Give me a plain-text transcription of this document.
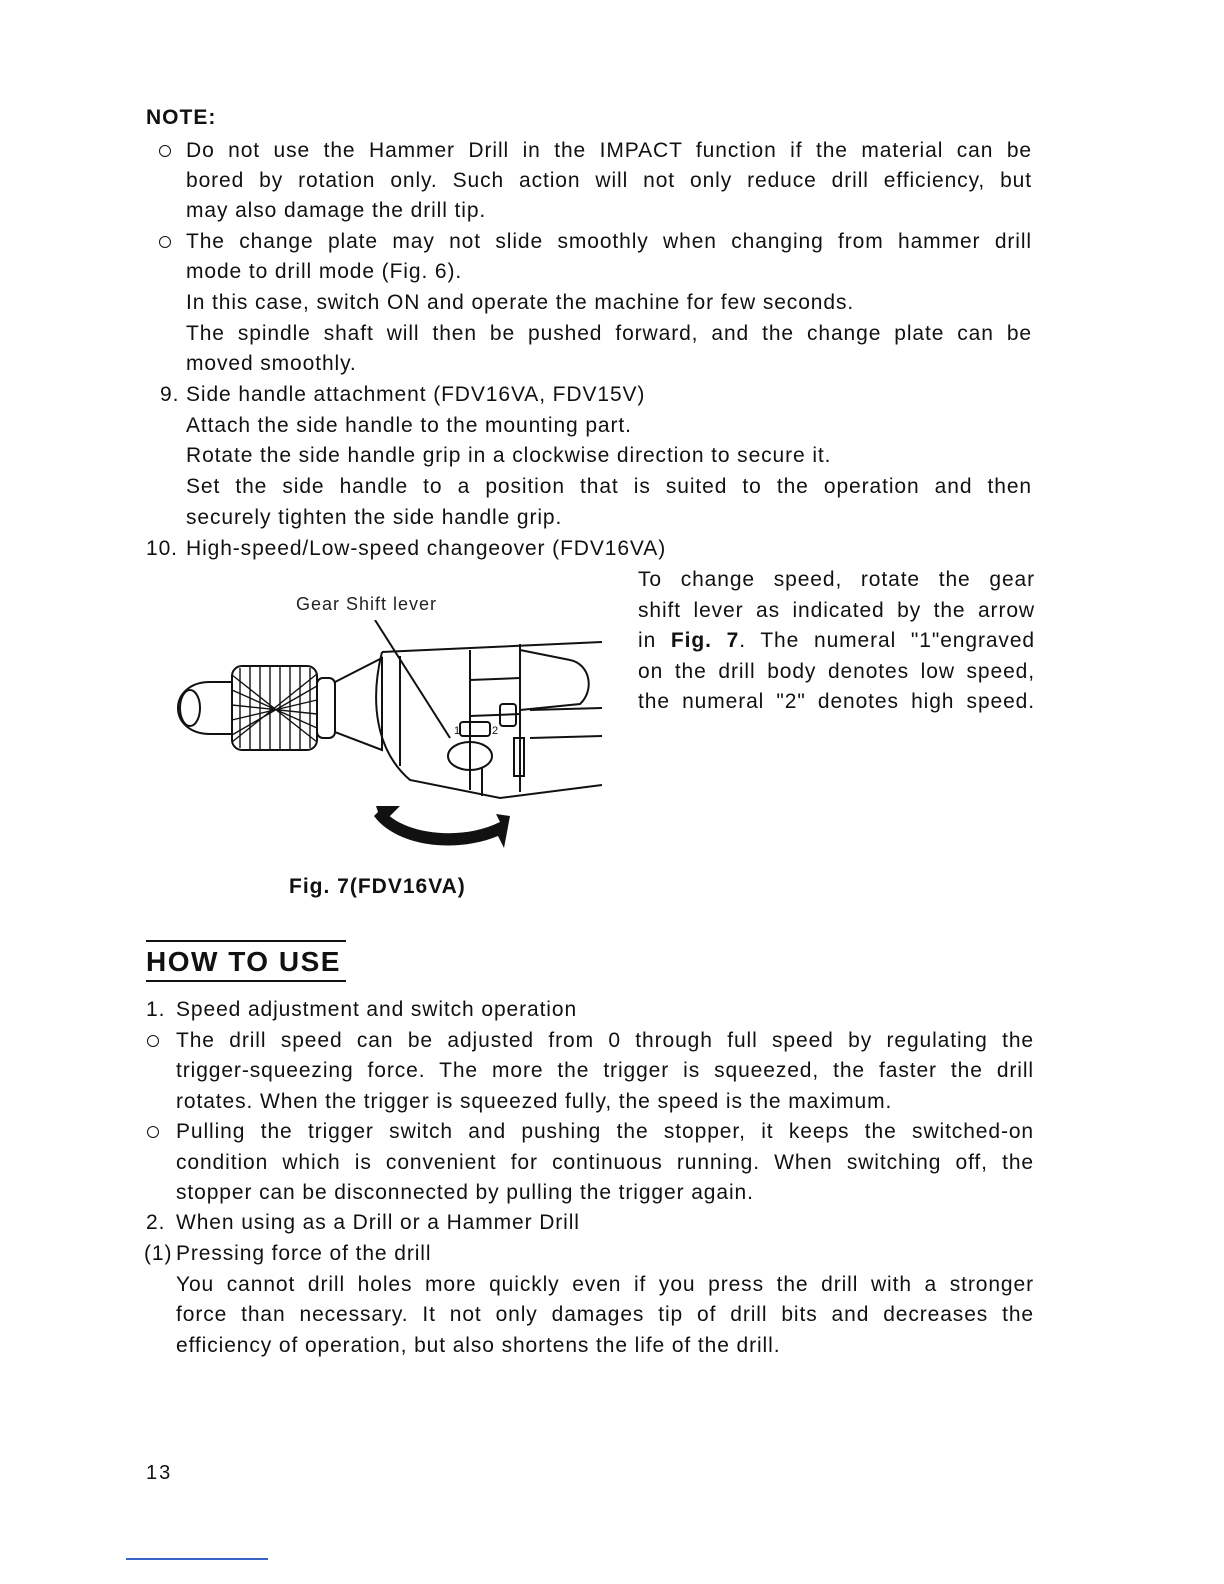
NOTE:
Do not use the Hammer Drill in the IMPACT function if the material can be
bored by rotation only. Such action will not only reduce drill efficiency, but
may also damage the drill tip.
The change plate may not slide smoothly when changing from hammer drill
mode to drill mode (Fig. 6).
In this case, switch ON and operate the machine for few seconds.
The spindle shaft will then be pushed forward, and the change plate can be
moved smoothly.
9. Side handle attachment (FDV16VA, FDV15V)
Attach the side handle to the mounting part.
Rotate the side handle grip in a clockwise direction to secure it.
Set the side handle to a position that is suited to the operation and then
securely tighten the side handle grip.
10. High-speed/Low-speed changeover (FDV16VA)
To change speed, rotate the gear
shift lever as indicated by the arrow
in Fig. 7. The numeral "1"engraved
on the drill body denotes low speed,
the numeral "2" denotes high speed.
Gear Shift lever
1	2
Fig. 7(FDV16VA)
HOW TO USE
1. Speed adjustment and switch operation
The drill speed can be adjusted from 0 through full speed by regulating the
trigger-squeezing force. The more the trigger is squeezed, the faster the drill
rotates. When the trigger is squeezed fully, the speed is the maximum.
Pulling the trigger switch and pushing the stopper, it keeps the switched-on
condition which is convenient for continuous running. When switching off, the
stopper can be disconnected by pulling the trigger again.
2. When using as a Drill or a Hammer Drill
(1) Pressing force of the drill
You cannot drill holes more quickly even if you press the drill with a stronger
force than necessary. It not only damages tip of drill bits and decreases the
efficiency of operation, but also shortens the life of the drill.
13
